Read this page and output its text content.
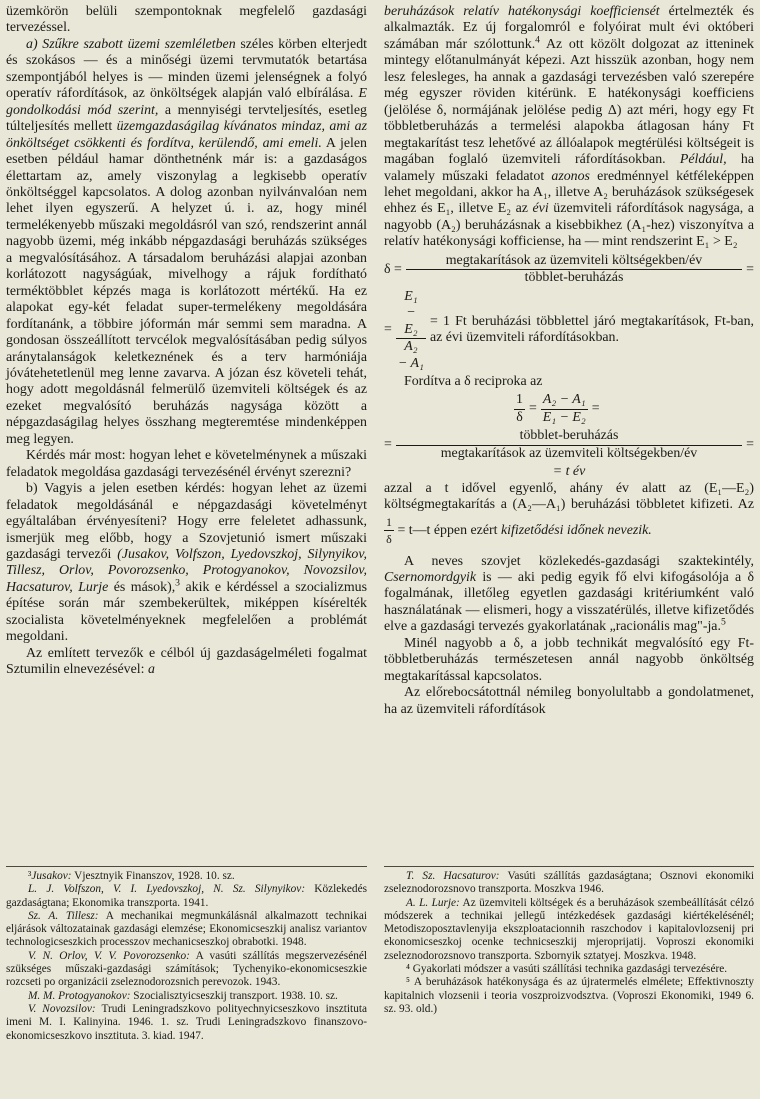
üzemkörön belüli szempontoknak megfelelő gazdasági tervezéssel.

a) Szűkre szabott üzemi szemléletben széles körben elterjedt és szokásos — és a minőségi üzemi tervmutatók betartása szempontjából helyes is — minden üzemi jelenségnek a folyó operatív ráfordítások, az önköltségek alapján való elbírálása. E gondolkodási mód szerint, a mennyiségi tervteljesítés, esetleg túlteljesítés mellett üzemgazdaságilag kívánatos mindaz, ami az önköltséget csökkenti és fordítva, kerülendő, ami emeli. A jelen esetben például hamar dönthetnénk már is: a gazdaságos élettartam az, amely viszonylag a legkisebb operatív önköltséggel kapcsolatos. A dolog azonban nyilvánvalóan nem lehet ilyen egyszerű. A helyzet ú. i. az, hogy minél termelékenyebb műszaki megoldásról van szó, rendszerint annál nagyobb üzemi, még inkább népgazdasági beruházás szükséges a megvalósításához. A társadalom beruházási alapjai azonban korlátozott nagyságúak, mivelhogy a rájuk fordítható terméktöbblet képzés maga is korlátozott mértékű. Ha ez alapokat egy-két feladat super-termelékeny megoldására fordítanánk, a többire jóformán már semmi sem maradna. A gondosan összeállított tervcélok megvalósításában pedig súlyos aránytalanságok keletkeznének és a terv harmóniája jóvátehetetlenül meg lenne zavarva. A józan ész követeli tehát, hogy adott megoldásnál felmerülő üzemviteli költségek és az ezeket megvalósító beruházás nagysága között a népgazdaságilag helyes összhang megteremtése mindenképpen meg legyen.

Kérdés már most: hogyan lehet e követelménynek a műszaki feladatok megoldása gazdasági tervezésénél érvényt szerezni?

b) Vagyis a jelen esetben kérdés: hogyan lehet az üzemi feladatok megoldásánál e népgazdasági követelményt egyáltalában érvényesíteni? Hogy erre feleletet adhassunk, ismerjük meg előbb, hogy a Szovjetunió ismert műszaki gazdasági tervezői (Jusakov, Volfszon, Lyedovszkoj, Silynyikov, Tillesz, Orlov, Povorozsenko, Protogyanokov, Novozsilov, Hacsaturov, Lurje és mások),$^3$ akik e kérdéssel a szocializmus építése során már szembekerültek, miképpen kísérelték szocialista követelményeknek megfelelően a problémát megoldani.

Az említett tervezők e célból új gazdaságelméleti fogalmat Sztumilin elnevezésével: a

beruházások relatív hatékonysági koefficiensét értelmezték és alkalmazták. Ez új forgalomról e folyóirat mult évi októberi számában már szólottunk.$^4$ Az ott közölt dolgozat az itteninek mintegy előtanulmányát képezi. Azt hisszük azonban, hogy nem lesz felesleges, ha annak a gazdasági tervezésben való szerepére még egyszer röviden kitérünk. E hatékonysági koefficiens (jelölése δ, normájának jelölése pedig Δ) azt méri, hogy egy Ft többletberuházás a termelési alapokba átlagosan hány Ft megtakarítást tesz lehetővé az állóalapok megtérülési költségeit is magában foglaló üzemviteli ráfordításokban. Például, ha valamely műszaki feladatot azonos eredménnyel kétféleképpen lehet megoldani, akkor ha A₁, illetve A₂ beruházások szükségesek ehhez és E₁, illetve E₂ az évi üzemviteli ráfordítások nagysága, a nagyobb (A₂) beruházásnak a kisebbikhez (A₁-hez) viszonyítva a relatív hatékonysági kofficiense, ha — mint rendszerint E₁ > E₂

$\delta = \frac{\text{megtakarítások az üzemviteli költségekben/év}}{\text{többlet-beruházás}}$ =
= $\frac{\text{E₁ − E₂}}{\text{A₂ − A₁}} = 1$ Ft beruházási többlettel járó megtakarítások, Ft-ban, az évi üzemviteli ráfordításokban.

Fordítva a δ reciproka az

$\frac{1}{\delta} = \frac{\text{A₂ − A₁}}{\text{E₁ − E₂}}$ =
= $\frac{\text{többlet-beruházás}}{\text{megtakarítások az üzemviteli költségekben/év}}$ =
= t év

azzal a t idővel egyenlő, ahány év alatt az (E₁—E₂) költségmegtakarítás a (A₂—A₁) beruházási többletet kifizeti. Az
$\frac{1}{\delta}$ = t—t éppen ezért kifizetődési időnek nevezik.

A neves szovjet közlekedés-gazdasági szaktekintély, Csernomordgyik is — aki pedig egyik fő elvi kifogásolója a δ fogalmának, illetőleg egyetlen gazdasági kritériumként való használatának — elismeri, hogy a visszatérülés, illetve kifizetődés elve a gazdasági tervezés gyakorlatának „racionális mag"-ja.$^5$

Minél nagyobb a δ, a jobb technikát megvalósító egy Ft-többletberuházás természetesen annál nagyobb önköltség megtakarítással kapcsolatos.

Az előrebocsátottnál némileg bonyolultabb a gondolatmenet, ha az üzemviteli ráfordítások

³Jusakov: Vjesztnyik Finanszov, 1928. 10. sz.

L. J. Volfszon, V. I. Lyedovszkoj, N. Sz. Silynyikov: Közlekedés gazdaságtana; Ekonomika transzporta. 1941.

Sz. A. Tillesz: A mechanikai megmunkálásnál alkalmazott technikai eljárások változatainak gazdasági elemzése; Ekonomicseszkij analisz variantov technologicseszkich processzov mechanicseszkoj obrabotki. 1948.

V. N. Orlov, V. V. Povorozsenko: A vasúti szállítás megszervezésénél szükséges műszaki-gazdasági számítások; Tychenyiko-ekonomicseszkie rozcseti po organizácii zseleznodorozsnich perevozok. 1943.

M. M. Protogyanokov: Szocialisztyicseszkij transzport. 1938. 10. sz.

V. Novozsilov: Trudi Leningradszkovo polityechnyicseszkovo insztituta imeni M. I. Kalinyina. 1946. 1. sz. Trudi Leningradszkovo finanszovo-ekonomicseszkovo insztituta. 3. kiad. 1947.

T. Sz. Hacsaturov: Vasúti szállítás gazdaságtana; Osznovi ekonomiki zseleznodorozsnovo transzporta. Moszkva 1946.

A. L. Lurje: Az üzemviteli költségek és a beruházások szembeállítását célzó módszerek a technikai jellegű intézkedések gazdasági kiértékelésénél; Metodiszoposztavlenyija ekszploatacionnih raszchodov i kapitalovlozsenij pri ekonomicseszkoj ocenke technicseszkij mjeroprijatij. Voproszi ekonomiki zseleznodorozsnovo transzporta. Szbornyik sztatyej. Moszkva. 1948.

⁴ Gyakorlati módszer a vasúti szállítási technika gazdasági tervezésére.

⁵ A beruházások hatékonysága és az újratermelés elmélete; Effektivnoszty kapitalnich vlozsenii i teoria voszproizvodsztva. (Voproszi Ekonomiki, 1949 6. sz. 93. old.)
